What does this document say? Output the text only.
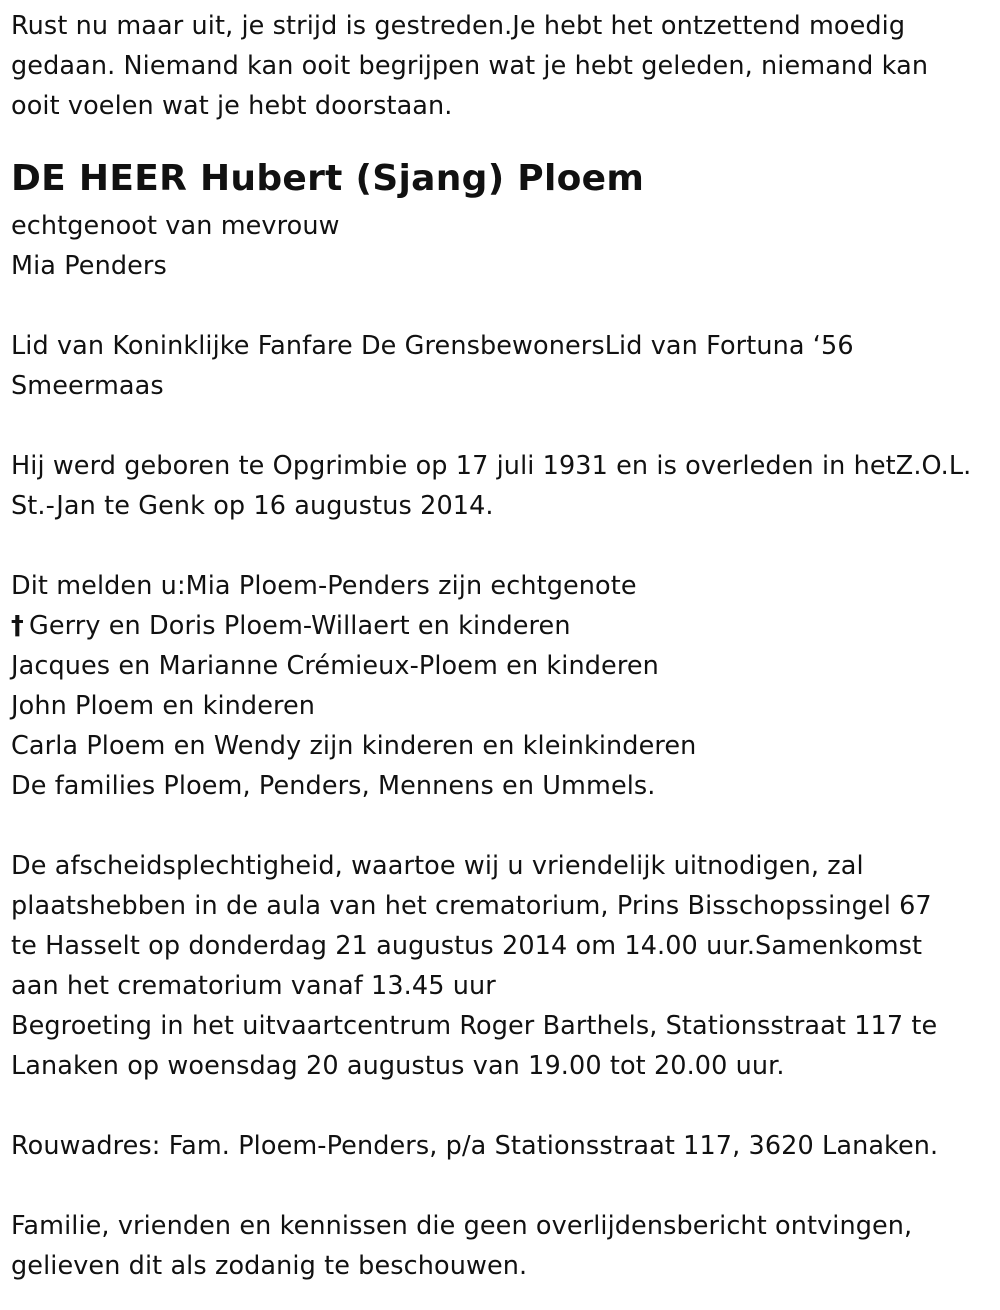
Rust nu maar uit, je strijd is gestreden.Je hebt het ontzettend moedig
gedaan. Niemand kan ooit begrijpen wat je hebt geleden, niemand kan
ooit voelen wat je hebt doorstaan.
DE HEER Hubert (Sjang) Ploem
echtgenoot van mevrouw
Mia Penders
Lid van Koninklijke Fanfare De GrensbewonersLid van Fortuna ‘56
Smeermaas
Hij werd geboren te Opgrimbie op 17 juli 1931 en is overleden in hetZ.O.L.
St.-Jan te Genk op 16 augustus 2014.
Dit melden u:Mia Ploem-Penders zijn echtgenote
† Gerry en Doris Ploem-Willaert en kinderen
Jacques en Marianne Crémieux-Ploem en kinderen
John Ploem en kinderen
Carla Ploem en Wendy zijn kinderen en kleinkinderen
De families Ploem, Penders, Mennens en Ummels.
De afscheidsplechtigheid, waartoe wij u vriendelijk uitnodigen, zal
plaatshebben in de aula van het crematorium, Prins Bisschopssingel 67
te Hasselt op donderdag 21 augustus 2014 om 14.00 uur.Samenkomst
aan het crematorium vanaf 13.45 uur
Begroeting in het uitvaartcentrum Roger Barthels, Stationsstraat 117 te
Lanaken op woensdag 20 augustus van 19.00 tot 20.00 uur.
Rouwadres: Fam. Ploem-Penders, p/a Stationsstraat 117, 3620 Lanaken.
Familie, vrienden en kennissen die geen overlijdensbericht ontvingen,
gelieven dit als zodanig te beschouwen.
